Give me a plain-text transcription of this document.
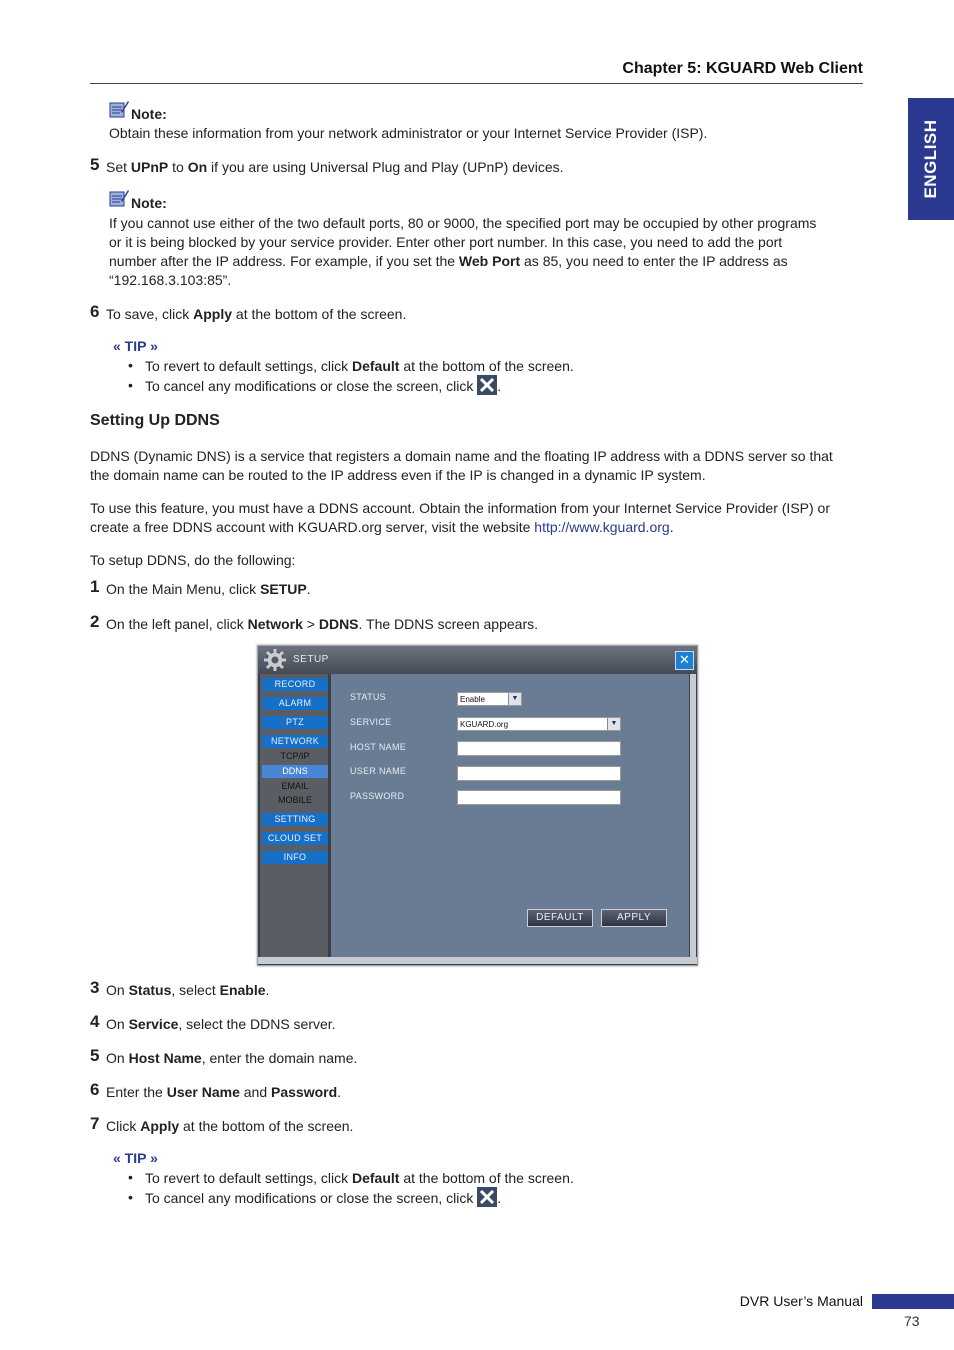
Chapter 5: KGUARD Web Client
ENGLISH
Note:
Obtain these information from your network administrator or your Internet Service Provider (ISP).
5 Set UPnP to On if you are using Universal Plug and Play (UPnP) devices.
Note:
If you cannot use either of the two default ports, 80 or 9000, the specified port may be occupied by other programs
or it is being blocked by your service provider. Enter other port number. In this case, you need to add the port
number after the IP address. For example, if you set the Web Port as 85, you need to enter the IP address as
“192.168.3.103:85”.
6 To save, click Apply at the bottom of the screen.
« TIP »
• To revert to default settings, click Default at the bottom of the screen.
• To cancel any modifications or close the screen, click .
Setting Up DDNS
DDNS (Dynamic DNS) is a service that registers a domain name and the floating IP address with a DDNS server so that
the domain name can be routed to the IP address even if the IP is changed in a dynamic IP system.
To use this feature, you must have a DDNS account. Obtain the information from your Internet Service Provider (ISP) or
create a free DDNS account with KGUARD.org server, visit the website http://www.kguard.org.
To setup DDNS, do the following:
1 On the Main Menu, click SETUP.
2 On the left panel, click Network > DDNS. The DDNS screen appears.
SETUP	✕
RECORD
ALARM
PTZ
NETWORK
TCP/IP
DDNS
EMAIL
MOBILE
SETTING
CLOUD SET
INFO
STATUS	Enable	▼
SERVICE	KGUARD.org	▼
HOST NAME
USER NAME
PASSWORD
DEFAULT	APPLY
3 On Status, select Enable.
4 On Service, select the DDNS server.
5 On Host Name, enter the domain name.
6 Enter the User Name and Password.
7 Click Apply at the bottom of the screen.
« TIP »
• To revert to default settings, click Default at the bottom of the screen.
• To cancel any modifications or close the screen, click .
DVR User’s Manual
73
